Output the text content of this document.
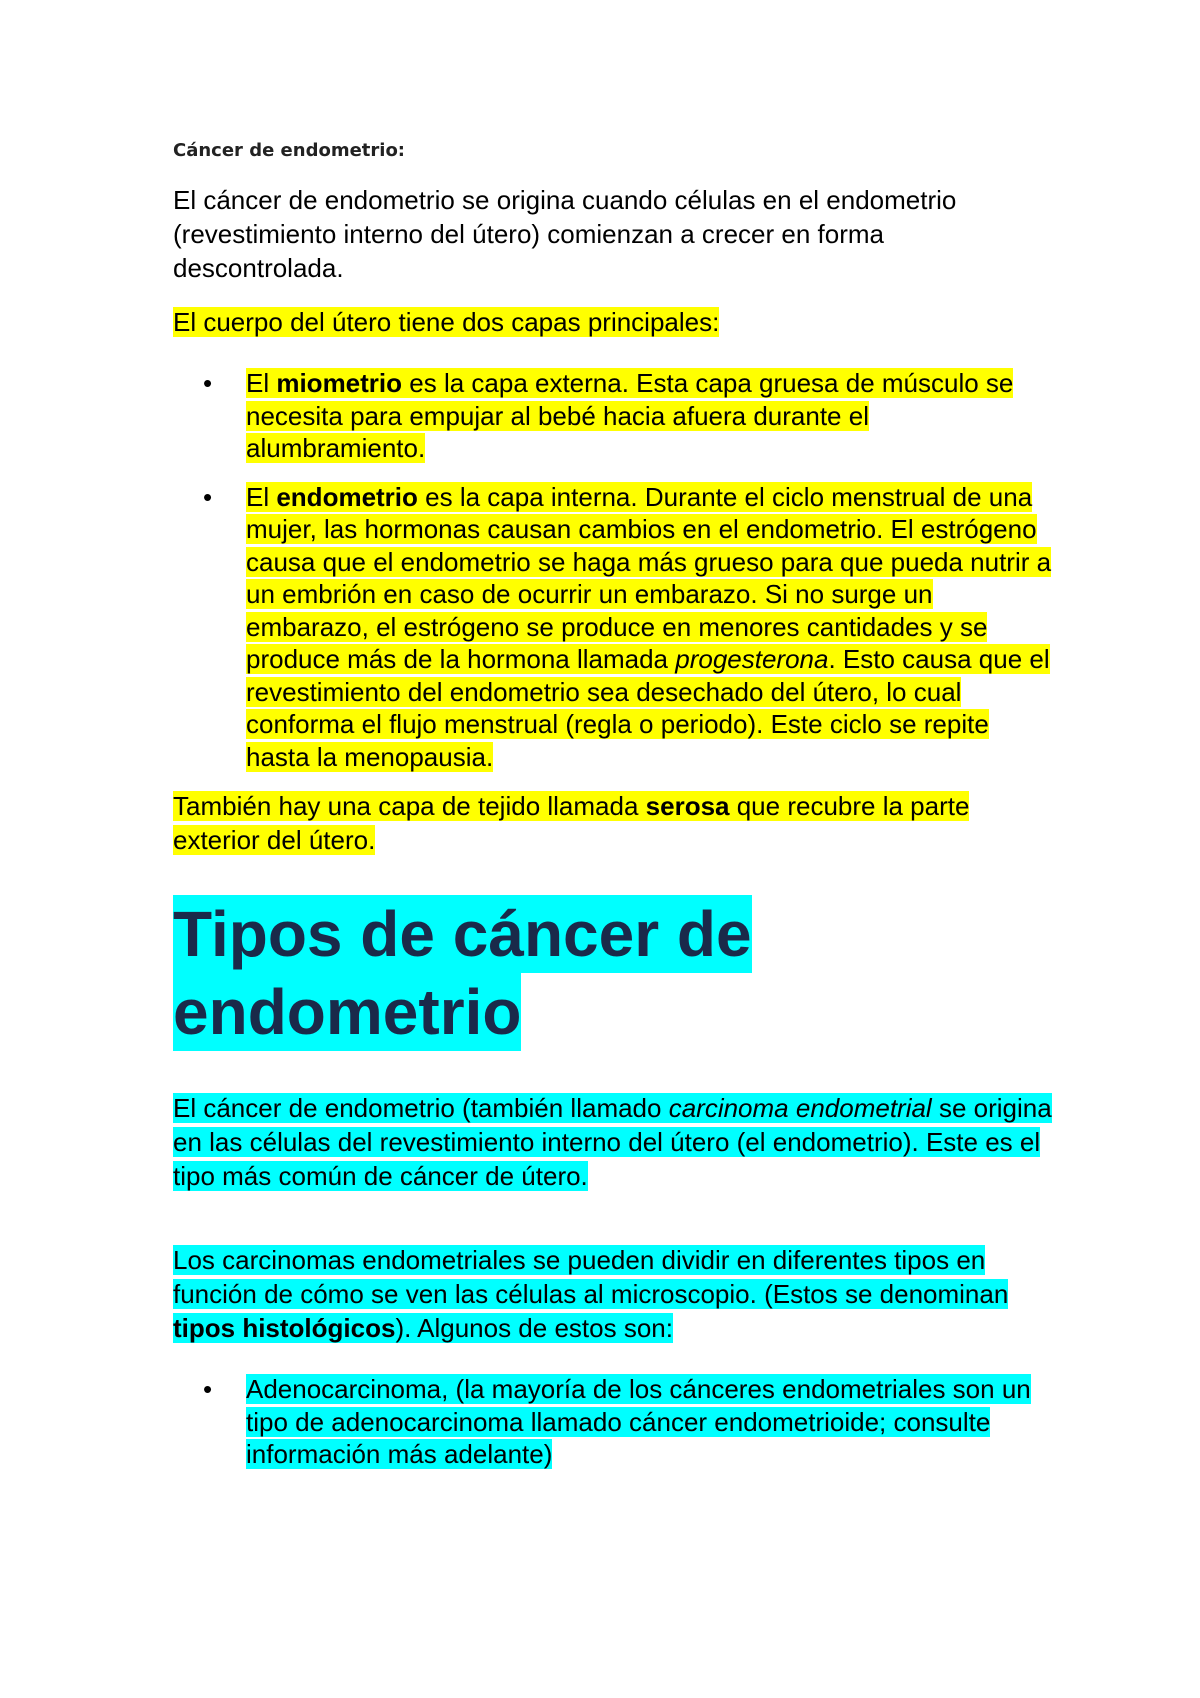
Cáncer de endometrio:

El cáncer de endometrio se origina cuando células en el endometrio (revestimiento interno del útero) comienzan a crecer en forma descontrolada.

El cuerpo del útero tiene dos capas principales:

• El miometrio es la capa externa. Esta capa gruesa de músculo se necesita para empujar al bebé hacia afuera durante el alumbramiento.
• El endometrio es la capa interna. Durante el ciclo menstrual de una mujer, las hormonas causan cambios en el endometrio. El estrógeno causa que el endometrio se haga más grueso para que pueda nutrir a un embrión en caso de ocurrir un embarazo. Si no surge un embarazo, el estrógeno se produce en menores cantidades y se produce más de la hormona llamada progesterona. Esto causa que el revestimiento del endometrio sea desechado del útero, lo cual conforma el flujo menstrual (regla o periodo). Este ciclo se repite hasta la menopausia.

También hay una capa de tejido llamada serosa que recubre la parte exterior del útero.

Tipos de cáncer de
endometrio

El cáncer de endometrio (también llamado carcinoma endometrial se origina en las células del revestimiento interno del útero (el endometrio). Este es el tipo más común de cáncer de útero.

Los carcinomas endometriales se pueden dividir en diferentes tipos en función de cómo se ven las células al microscopio. (Estos se denominan tipos histológicos). Algunos de estos son:

• Adenocarcinoma, (la mayoría de los cánceres endometriales son un tipo de adenocarcinoma llamado cáncer endometrioide; consulte información más adelante)
